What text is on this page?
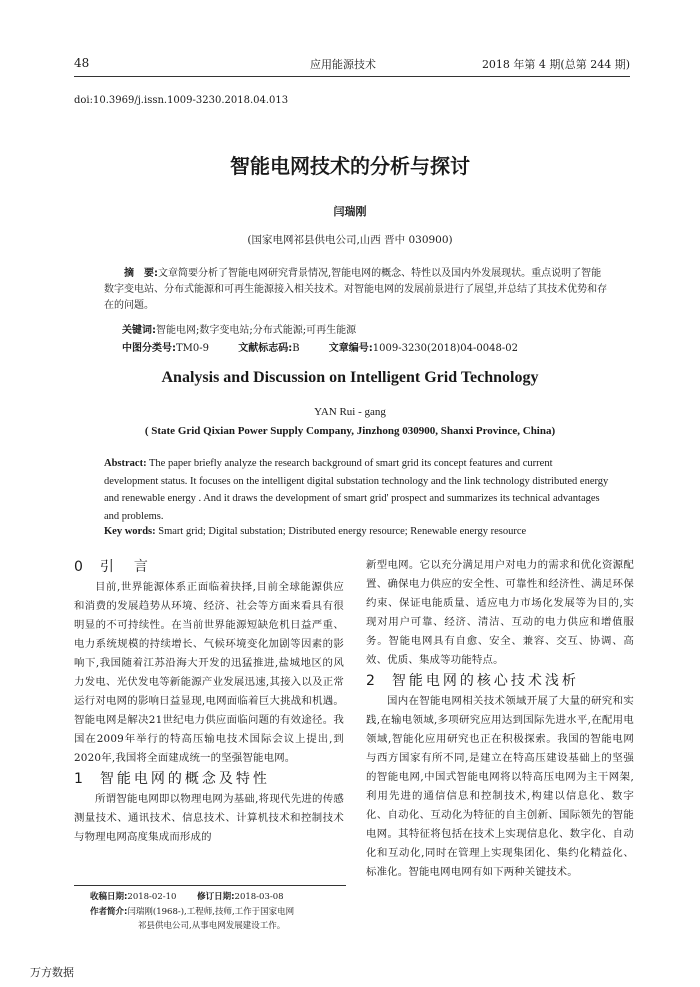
48	应用能源技术	2018 年第 4 期(总第 244 期)
doi:10.3969/j.issn.1009-3230.2018.04.013
智能电网技术的分析与探讨
闫瑞刚
(国家电网祁县供电公司,山西 晋中 030900)
摘　要:文章简要分析了智能电网研究背景情况,智能电网的概念、特性以及国内外发展现状。重点说明了智能数字变电站、分布式能源和可再生能源接入相关技术。对智能电网的发展前景进行了展望,并总结了其技术优势和存在的问题。
关键词:智能电网;数字变电站;分布式能源;可再生能源
中图分类号:TM0-9	文献标志码:B	文章编号:1009-3230(2018)04-0048-02
Analysis and Discussion on Intelligent Grid Technology
YAN Rui - gang
( State Grid Qixian Power Supply Company, Jinzhong 030900, Shanxi Province, China)
Abstract: The paper briefly analyze the research background of smart grid its concept features and current development status. It focuses on the intelligent digital substation technology and the link technology distributed energy and renewable energy . And it draws the development of smart grid' prospect and summarizes its technical advantages and problems.
Key words: Smart grid; Digital substation; Distributed energy resource; Renewable energy resource
0 引　言

目前,世界能源体系正面临着抉择,目前全球能源供应和消费的发展趋势从环境、经济、社会等方面来看具有很明显的不可持续性。在当前世界能源短缺危机日益严重、电力系统规模的持续增长、气候环境变化加剧等因素的影响下,我国随着江苏沿海大开发的迅猛推进,盐城地区的风力发电、光伏发电等新能源产业发展迅速,其接入以及正常运行对电网的影响日益显现,电网面临着巨大挑战和机遇。智能电网是解决21世纪电力供应面临问题的有效途径。我国在2009年举行的特高压输电技术国际会议上提出,到2020年,我国将全面建成统一的坚强智能电网。

1 智能电网的概念及特性

所谓智能电网即以物理电网为基础,将现代先进的传感测量技术、通讯技术、信息技术、计算机技术和控制技术与物理电网高度集成而形成的

新型电网。它以充分满足用户对电力的需求和优化资源配置、确保电力供应的安全性、可靠性和经济性、满足环保约束、保证电能质量、适应电力市场化发展等为目的,实现对用户可靠、经济、清洁、互动的电力供应和增值服务。智能电网具有自愈、安全、兼容、交互、协调、高效、优质、集成等功能特点。

2 智能电网的核心技术浅析

国内在智能电网相关技术领域开展了大量的研究和实践,在输电领域,多项研究应用达到国际先进水平,在配用电领域,智能化应用研究也正在积极探索。我国的智能电网与西方国家有所不同,是建立在特高压建设基础上的坚强的智能电网,中国式智能电网将以特高压电网为主干网架,利用先进的通信信息和控制技术,构建以信息化、数字化、自动化、互动化为特征的自主创新、国际领先的智能电网。其特征将包括在技术上实现信息化、数字化、自动化和互动化,同时在管理上实现集团化、集约化精益化、标准化。智能电网电网有如下两种关键技术。

收稿日期:2018-02-10 修订日期:2018-03-08
作者简介:闫瑞刚(1968-),工程师,技师,工作于国家电网
祁县供电公司,从事电网发展建设工作。
万方数据
